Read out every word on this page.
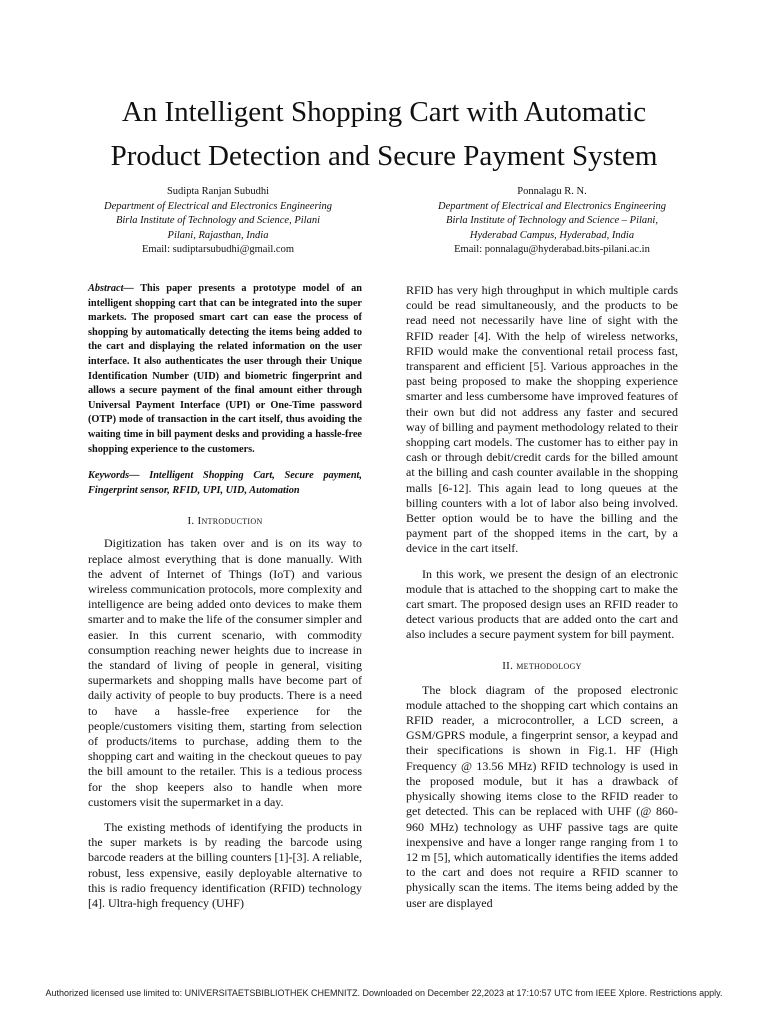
An Intelligent Shopping Cart with Automatic
Product Detection and Secure Payment System
Sudipta Ranjan Subudhi
Department of Electrical and Electronics Engineering
Birla Institute of Technology and Science, Pilani
Pilani, Rajasthan, India
Email: sudiptarsubudhi@gmail.com
Ponnalagu R. N.
Department of Electrical and Electronics Engineering
Birla Institute of Technology and Science – Pilani,
Hyderabad Campus, Hyderabad, India
Email: ponnalagu@hyderabad.bits-pilani.ac.in

Abstract— This paper presents a prototype model of an intelligent shopping cart that can be integrated into the super markets. The proposed smart cart can ease the process of shopping by automatically detecting the items being added to the cart and displaying the related information on the user interface. It also authenticates the user through their Unique Identification Number (UID) and biometric fingerprint and allows a secure payment of the final amount either through Universal Payment Interface (UPI) or One-Time password (OTP) mode of transaction in the cart itself, thus avoiding the waiting time in bill payment desks and providing a hassle-free shopping experience to the customers.

Keywords— Intelligent Shopping Cart, Secure payment, Fingerprint sensor, RFID, UPI, UID, Automation

I. Introduction

Digitization has taken over and is on its way to replace almost everything that is done manually. With the advent of Internet of Things (IoT) and various wireless communication protocols, more complexity and intelligence are being added onto devices to make them smarter and to make the life of the consumer simpler and easier. In this current scenario, with commodity consumption reaching newer heights due to increase in the standard of living of people in general, visiting supermarkets and shopping malls have become part of daily activity of people to buy products. There is a need to have a hassle-free experience for the people/customers visiting them, starting from selection of products/items to purchase, adding them to the shopping cart and waiting in the checkout queues to pay the bill amount to the retailer. This is a tedious process for the shop keepers also to handle when more customers visit the supermarket in a day.

The existing methods of identifying the products in the super markets is by reading the barcode using barcode readers at the billing counters [1]-[3]. A reliable, robust, less expensive, easily deployable alternative to this is radio frequency identification (RFID) technology [4]. Ultra-high frequency (UHF)

RFID has very high throughput in which multiple cards could be read simultaneously, and the products to be read need not necessarily have line of sight with the RFID reader [4]. With the help of wireless networks, RFID would make the conventional retail process fast, transparent and efficient [5]. Various approaches in the past being proposed to make the shopping experience smarter and less cumbersome have improved features of their own but did not address any faster and secured way of billing and payment methodology related to their shopping cart models. The customer has to either pay in cash or through debit/credit cards for the billed amount at the billing and cash counter available in the shopping malls [6-12]. This again lead to long queues at the billing counters with a lot of labor also being involved. Better option would be to have the billing and the payment part of the shopped items in the cart, by a device in the cart itself.

In this work, we present the design of an electronic module that is attached to the shopping cart to make the cart smart. The proposed design uses an RFID reader to detect various products that are added onto the cart and also includes a secure payment system for bill payment.

II. methodology

The block diagram of the proposed electronic module attached to the shopping cart which contains an RFID reader, a microcontroller, a LCD screen, a GSM/GPRS module, a fingerprint sensor, a keypad and their specifications is shown in Fig.1. HF (High Frequency @ 13.56 MHz) RFID technology is used in the proposed module, but it has a drawback of physically showing items close to the RFID reader to get detected. This can be replaced with UHF (@ 860-960 MHz) technology as UHF passive tags are quite inexpensive and have a longer range ranging from 1 to 12 m [5], which automatically identifies the items added to the cart and does not require a RFID scanner to physically scan the items. The items being added by the user are displayed

Authorized licensed use limited to: UNIVERSITAETSBIBLIOTHEK CHEMNITZ. Downloaded on December 22,2023 at 17:10:57 UTC from IEEE Xplore. Restrictions apply.
